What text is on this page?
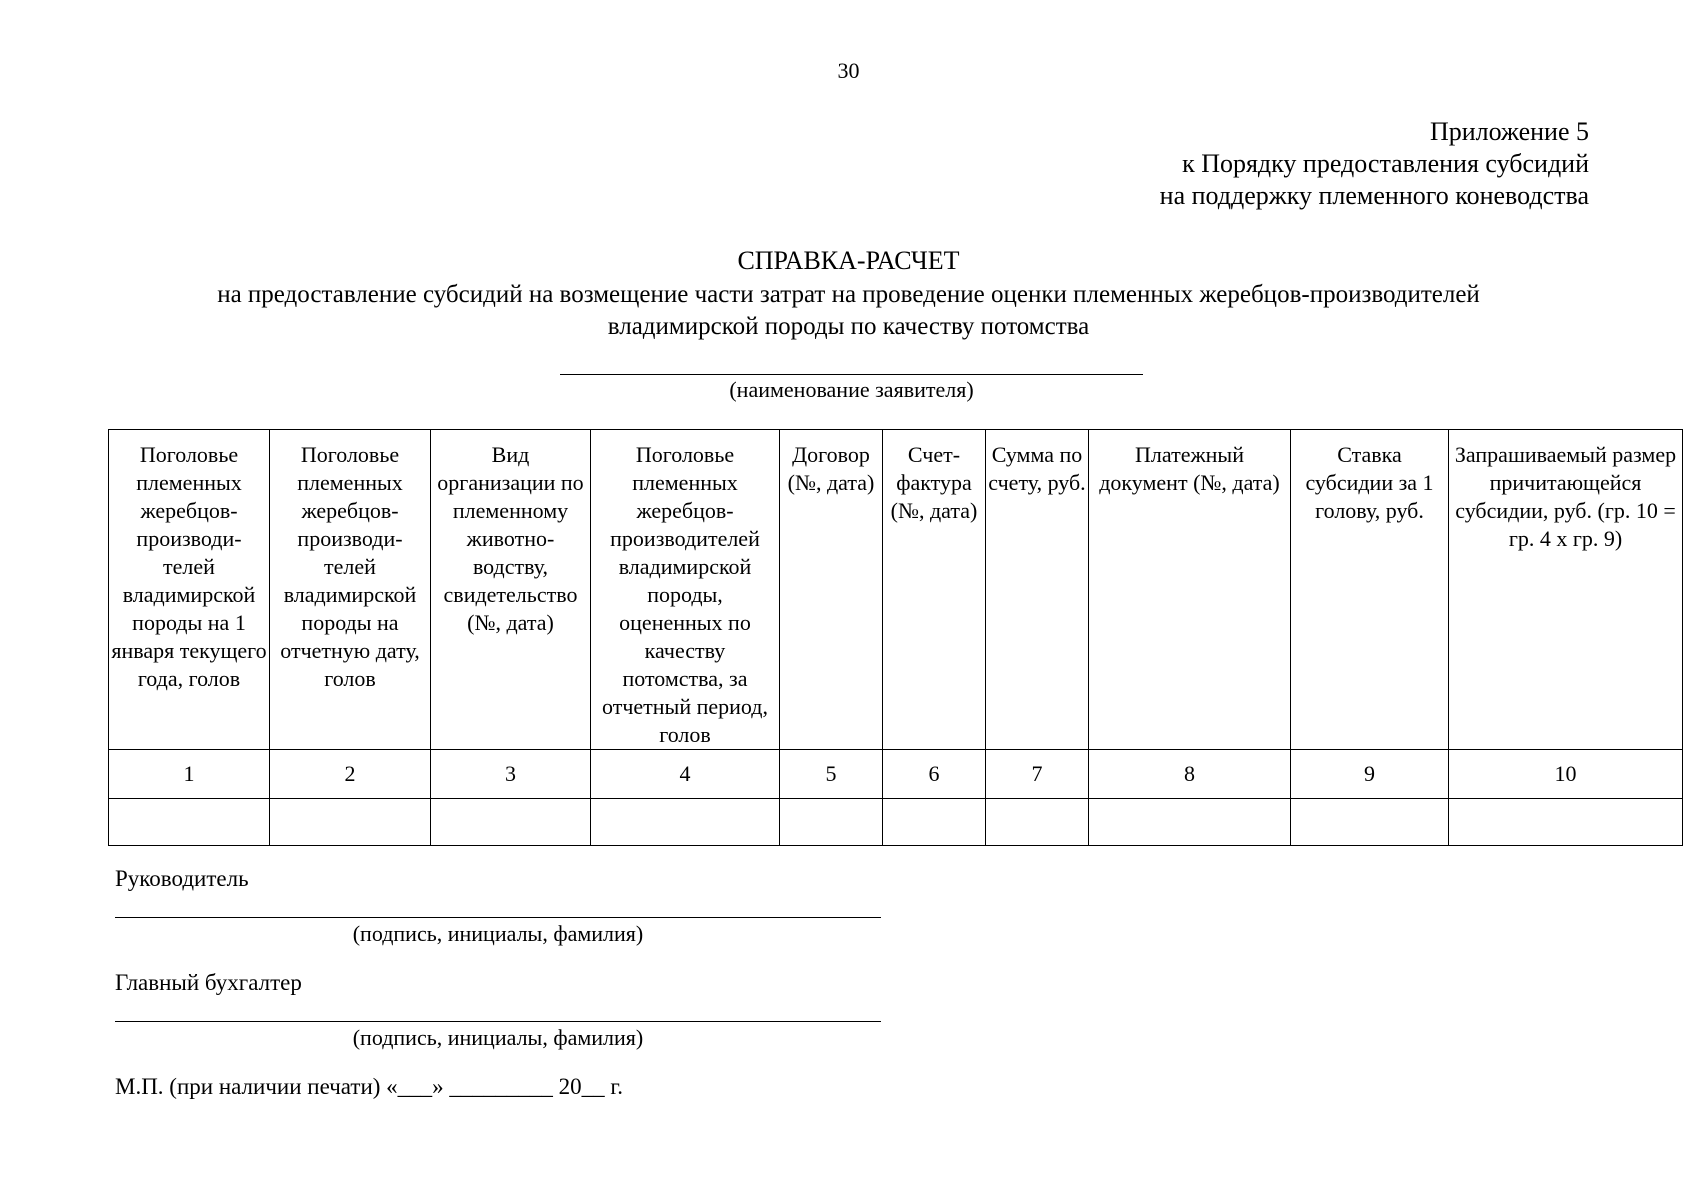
30
Приложение 5
к Порядку предоставления субсидий
на поддержку племенного коневодства
СПРАВКА-РАСЧЕТ
на предоставление субсидий на возмещение части затрат на проведение оценки племенных жеребцов-производителей
владимирской породы по качеству потомства
(наименование заявителя)
Поголовье племенных жеребцов-производи-телей владимирской породы на 1 января текущего года, голов	Поголовье племенных жеребцов-производи-телей владимирской породы на отчетную дату, голов	Вид организации по племенному животно-водству, свидетельство (№, дата)	Поголовье племенных жеребцов-производителей владимирской породы, оцененных по качеству потомства, за отчетный период, голов	Договор (№, дата)	Счет-фактура (№, дата)	Сумма по счету, руб.	Платежный документ (№, дата)	Ставка субсидии за 1 голову, руб.	Запрашиваемый размер причитающейся субсидии, руб. (гр. 10 = гр. 4 х гр. 9)
1	2	3	4	5	6	7	8	9	10

Руководитель
(подпись, инициалы, фамилия)
Главный бухгалтер
(подпись, инициалы, фамилия)
М.П. (при наличии печати) «___» _________ 20__ г.
